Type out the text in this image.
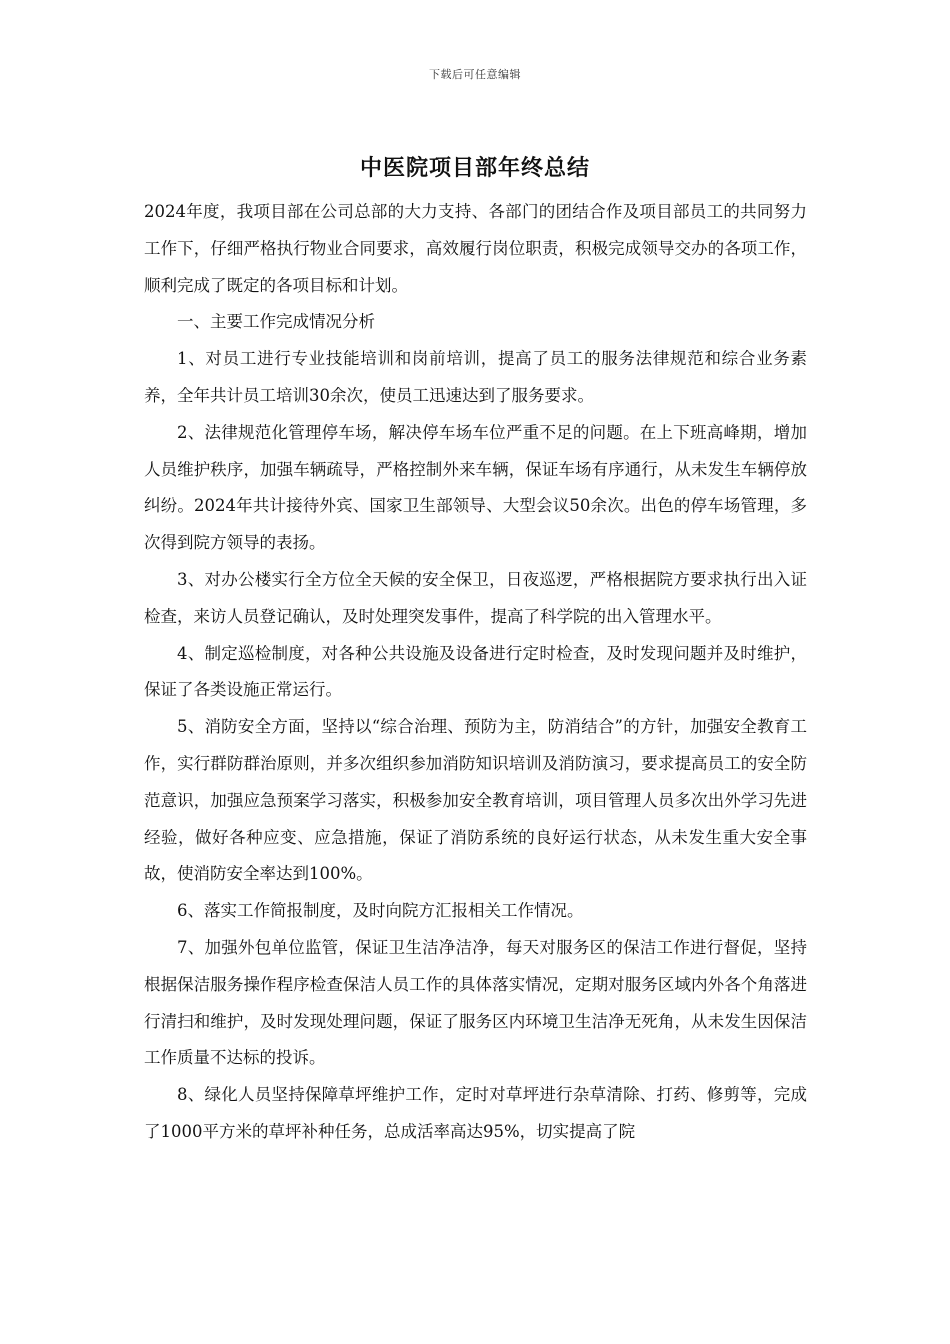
下载后可任意编辑
中医院项目部年终总结

2024年度，我项目部在公司总部的大力支持、各部门的团结合作及项目部员工的共同努力工作下，仔细严格执行物业合同要求，高效履行岗位职责，积极完成领导交办的各项工作，顺利完成了既定的各项目标和计划。

一、主要工作完成情况分析

1、对员工进行专业技能培训和岗前培训，提高了员工的服务法律规范和综合业务素养，全年共计员工培训30余次，使员工迅速达到了服务要求。

2、法律规范化管理停车场，解决停车场车位严重不足的问题。在上下班高峰期，增加人员维护秩序，加强车辆疏导，严格控制外来车辆，保证车场有序通行，从未发生车辆停放纠纷。2024年共计接待外宾、国家卫生部领导、大型会议50余次。出色的停车场管理，多次得到院方领导的表扬。

3、对办公楼实行全方位全天候的安全保卫，日夜巡逻，严格根据院方要求执行出入证检查，来访人员登记确认，及时处理突发事件，提高了科学院的出入管理水平。

4、制定巡检制度，对各种公共设施及设备进行定时检查，及时发现问题并及时维护，保证了各类设施正常运行。

5、消防安全方面，坚持以“综合治理、预防为主，防消结合”的方针，加强安全教育工作，实行群防群治原则，并多次组织参加消防知识培训及消防演习，要求提高员工的安全防范意识，加强应急预案学习落实，积极参加安全教育培训，项目管理人员多次出外学习先进经验，做好各种应变、应急措施，保证了消防系统的良好运行状态，从未发生重大安全事故，使消防安全率达到100%。

6、落实工作简报制度，及时向院方汇报相关工作情况。

7、加强外包单位监管，保证卫生洁净洁净，每天对服务区的保洁工作进行督促，坚持根据保洁服务操作程序检查保洁人员工作的具体落实情况，定期对服务区域内外各个角落进行清扫和维护，及时发现处理问题，保证了服务区内环境卫生洁净无死角，从未发生因保洁工作质量不达标的投诉。

8、绿化人员坚持保障草坪维护工作，定时对草坪进行杂草清除、打药、修剪等，完成了1000平方米的草坪补种任务，总成活率高达95%，切实提高了院
